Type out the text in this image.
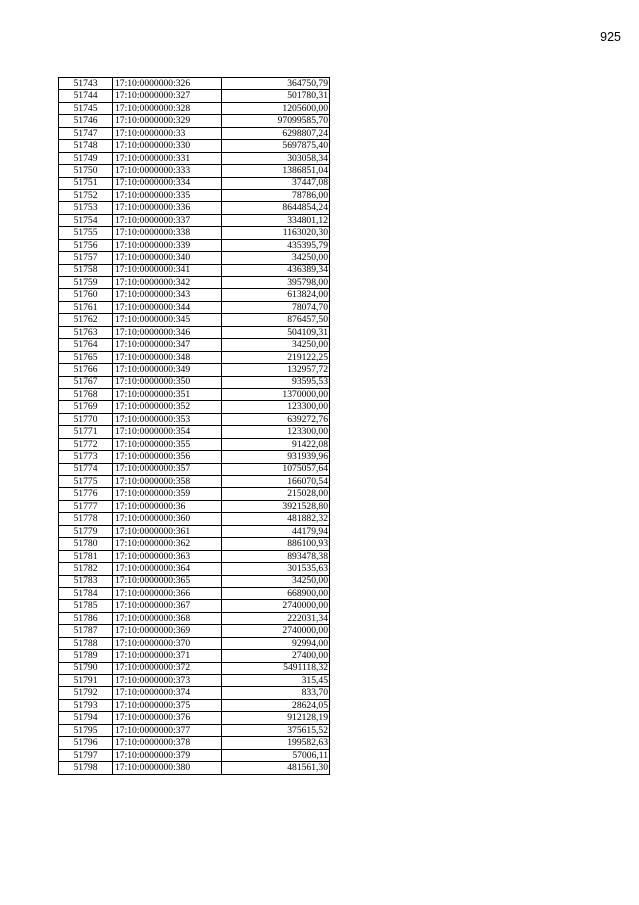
925
51743	17:10:0000000:326	364750,79
51744	17:10:0000000:327	501780,31
51745	17:10:0000000:328	1205600,00
51746	17:10:0000000:329	97099585,70
51747	17:10:0000000:33	6298807,24
51748	17:10:0000000:330	5697875,40
51749	17:10:0000000:331	303058,34
51750	17:10:0000000:333	1386851,04
51751	17:10:0000000:334	37447,08
51752	17:10:0000000:335	78786,00
51753	17:10:0000000:336	8644854,24
51754	17:10:0000000:337	334801,12
51755	17:10:0000000:338	1163020,30
51756	17:10:0000000:339	435395,79
51757	17:10:0000000:340	34250,00
51758	17:10:0000000:341	436389,34
51759	17:10:0000000:342	395798,00
51760	17:10:0000000:343	613824,00
51761	17:10:0000000:344	78074,70
51762	17:10:0000000:345	876457,50
51763	17:10:0000000:346	504109,31
51764	17:10:0000000:347	34250,00
51765	17:10:0000000:348	219122,25
51766	17:10:0000000:349	132957,72
51767	17:10:0000000:350	93595,53
51768	17:10:0000000:351	1370000,00
51769	17:10:0000000:352	123300,00
51770	17:10:0000000:353	639272,76
51771	17:10:0000000:354	123300,00
51772	17:10:0000000:355	91422,08
51773	17:10:0000000:356	931939,96
51774	17:10:0000000:357	1075057,64
51775	17:10:0000000:358	166070,54
51776	17:10:0000000:359	215028,00
51777	17:10:0000000:36	3921528,80
51778	17:10:0000000:360	481882,32
51779	17:10:0000000:361	44179,94
51780	17:10:0000000:362	886100,93
51781	17:10:0000000:363	893478,38
51782	17:10:0000000:364	301535,63
51783	17:10:0000000:365	34250,00
51784	17:10:0000000:366	668900,00
51785	17:10:0000000:367	2740000,00
51786	17:10:0000000:368	222031,34
51787	17:10:0000000:369	2740000,00
51788	17:10:0000000:370	92994,00
51789	17:10:0000000:371	27400,00
51790	17:10:0000000:372	5491118,32
51791	17:10:0000000:373	315,45
51792	17:10:0000000:374	833,70
51793	17:10:0000000:375	28624,05
51794	17:10:0000000:376	912128,19
51795	17:10:0000000:377	375615,52
51796	17:10:0000000:378	199582,63
51797	17:10:0000000:379	57006,11
51798	17:10:0000000:380	481561,30
